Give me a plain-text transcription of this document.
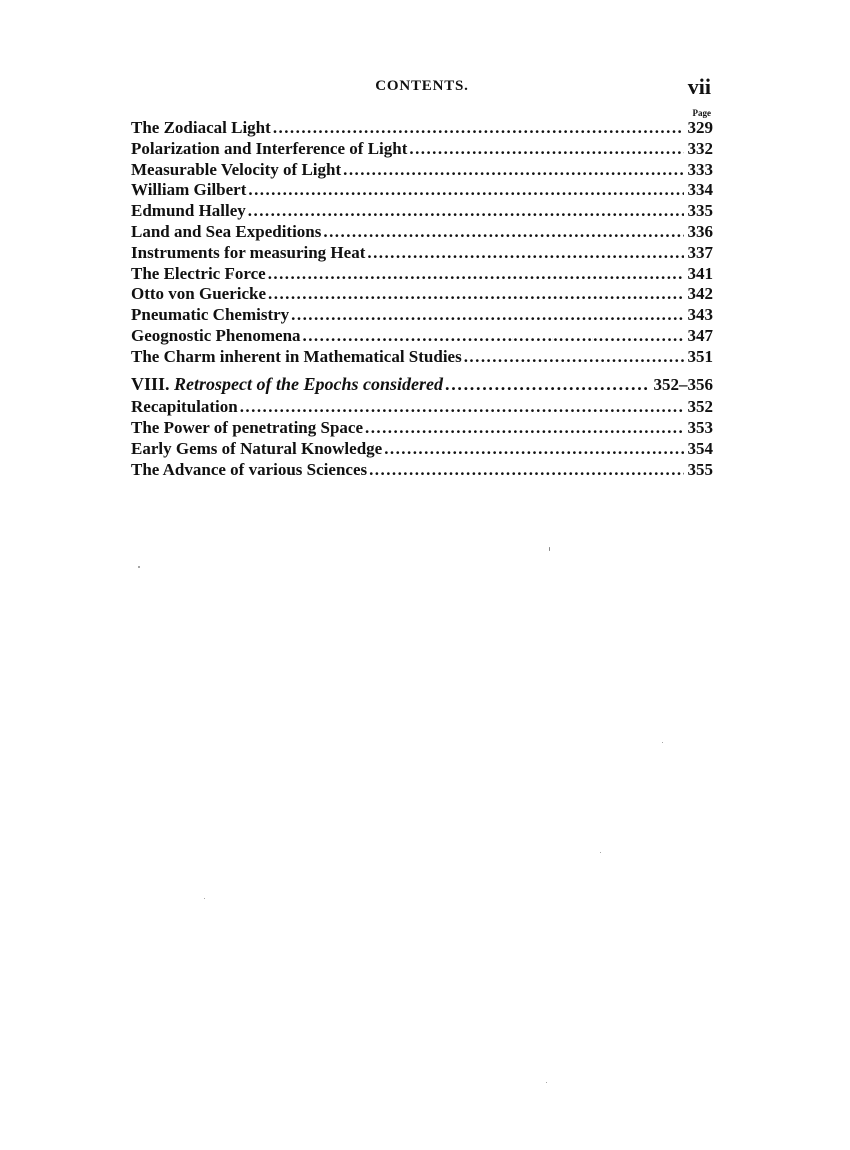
CONTENTS.	vii
Page
The Zodiacal Light . . .	329
Polarization and Interference of Light . . .	332
Measurable Velocity of Light . . .	333
William Gilbert . . .	334
Edmund Halley . . .	335
Land and Sea Expeditions . . .	336
Instruments for measuring Heat . . .	337
The Electric Force . . .	341
Otto von Guericke . . .	342
Pneumatic Chemistry . . .	343
Geognostic Phenomena . . .	347
The Charm inherent in Mathematical Studies . . .	351
VIII. Retrospect of the Epochs considered . . .	352–356
Recapitulation . . .	352
The Power of penetrating Space . . .	353
Early Gems of Natural Knowledge . . .	354
The Advance of various Sciences . . .	355
